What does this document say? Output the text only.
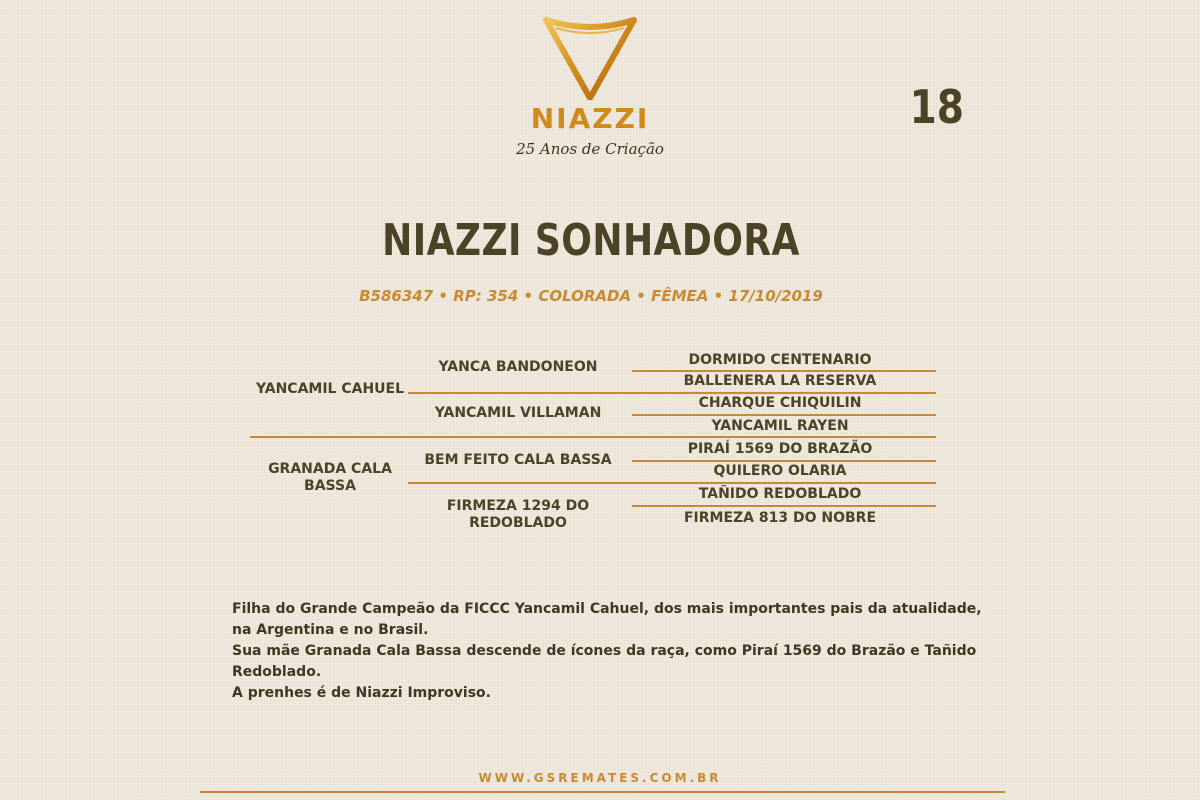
NIAZZI
25 Anos de Criação
18
NIAZZI SONHADORA
B586347 • RP: 354 • COLORADA • FÊMEA • 17/10/2019
YANCAMIL CAHUEL
GRANADA CALA BASSA
YANCA BANDONEON
YANCAMIL VILLAMAN
BEM FEITO CALA BASSA
FIRMEZA 1294 DO REDOBLADO
DORMIDO CENTENARIO
BALLENERA LA RESERVA
CHARQUE CHIQUILIN
YANCAMIL RAYEN
PIRAÍ 1569 DO BRAZÃO
QUILERO OLARIA
TAÑIDO REDOBLADO
FIRMEZA 813 DO NOBRE

Filha do Grande Campeão da FICCC Yancamil Cahuel, dos mais importantes pais da atualidade, na Argentina e no Brasil.

Sua mãe Granada Cala Bassa descende de ícones da raça, como Piraí 1569 do Brazão e Tañido Redoblado.

A prenhes é de Niazzi Improviso.

WWW.GSREMATES.COM.BR
